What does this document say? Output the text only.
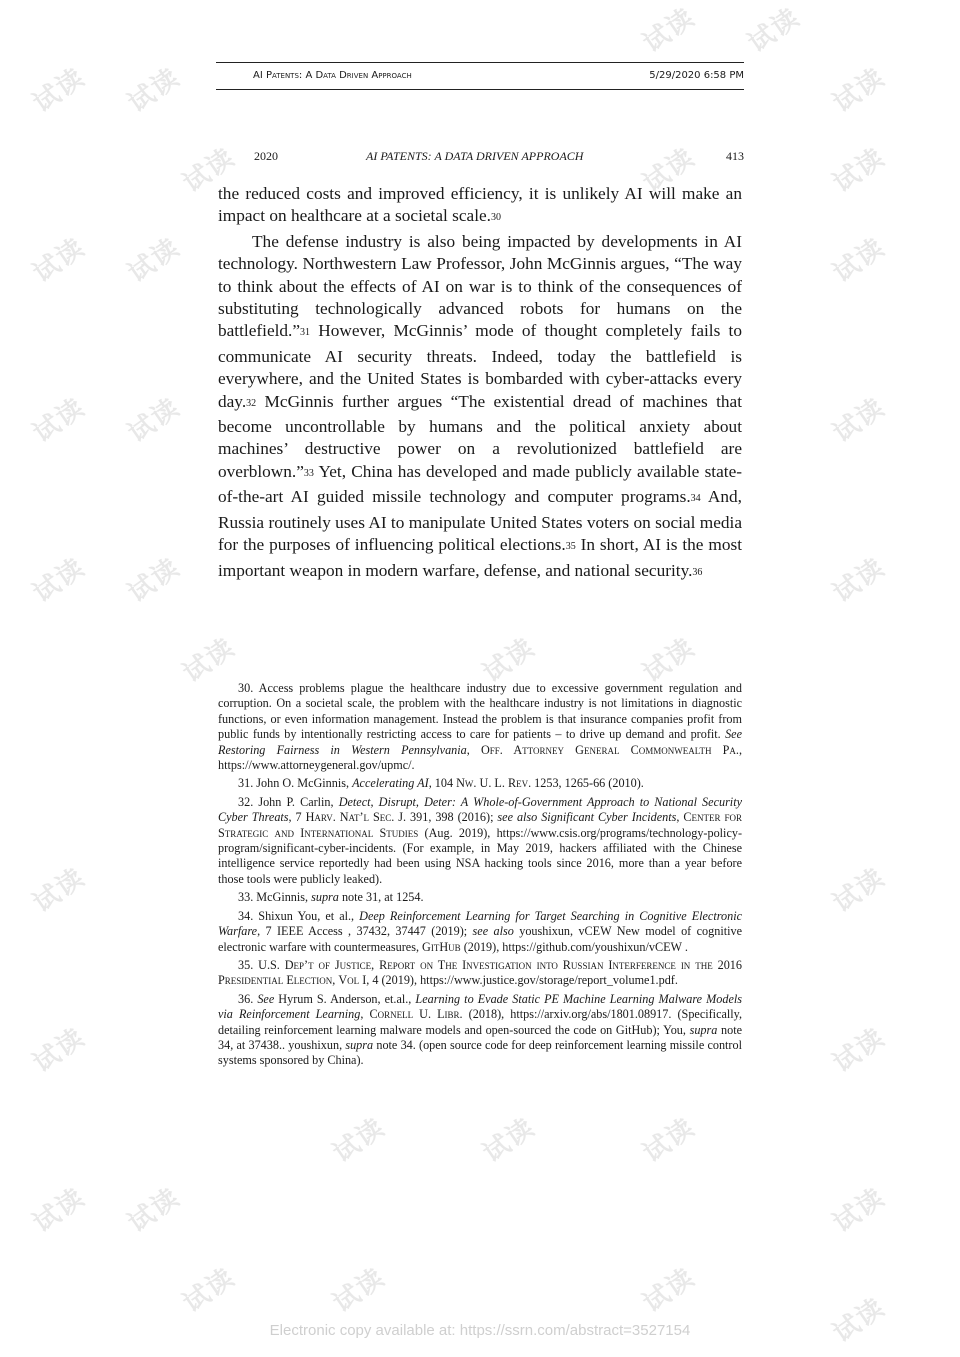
试读 试读
试读 试读
试读
试读 试读
试读	试读	试读
试读
试读 试读	试读
试读 试读	试读
试读	试读	试读
试读	试读
试读	试读
试读 试读
试读	试读	试读
试读
试读	试读	试读
试读
AI Patents: A Data Driven Approach	5/29/2020 6:58 PM
2020	AI PATENTS: A DATA DRIVEN APPROACH	413

the reduced costs and improved efficiency, it is unlikely AI will make an impact on healthcare at a societal scale.$^{30}$

The defense industry is also being impacted by developments in AI technology. Northwestern Law Professor, John McGinnis argues, “The way to think about the effects of AI on war is to think of the consequences of substituting technologically advanced robots for humans on the battlefield.”$^{31}$ However, McGinnis’ mode of thought completely fails to communicate AI security threats. Indeed, today the battlefield is everywhere, and the United States is bombarded with cyber-attacks every day.$^{32}$ McGinnis further argues “The existential dread of machines that become uncontrollable by humans and the political anxiety about machines’ destructive power on a revolutionized battlefield are overblown.”$^{33}$ Yet, China has developed and made publicly available state-of-the-art AI guided missile technology and computer programs.$^{34}$ And, Russia routinely uses AI to manipulate United States voters on social media for the purposes of influencing political elections.$^{35}$ In short, AI is the most important weapon in modern warfare, defense, and national security.$^{36}$

30. Access problems plague the healthcare industry due to excessive government regulation and corruption. On a societal scale, the problem with the healthcare industry is not limitations in diagnostic functions, or even information management. Instead the problem is that insurance companies profit from public funds by intentionally restricting access to care for patients – to drive up demand and profit. See Restoring Fairness in Western Pennsylvania, Off. Attorney General Commonwealth Pa., https://www.attorneygeneral.gov/upmc/.

31. John O. McGinnis, Accelerating AI, 104 Nw. U. L. Rev. 1253, 1265-66 (2010).

32. John P. Carlin, Detect, Disrupt, Deter: A Whole-of-Government Approach to National Security Cyber Threats, 7 Harv. Nat’l Sec. J. 391, 398 (2016); see also Significant Cyber Incidents, Center for Strategic and International Studies (Aug. 2019), https://www.csis.org/programs/technology-policy-program/significant-cyber-incidents. (For example, in May 2019, hackers affiliated with the Chinese intelligence service reportedly had been using NSA hacking tools since 2016, more than a year before those tools were publicly leaked).

33. McGinnis, supra note 31, at 1254.

34. Shixun You, et al., Deep Reinforcement Learning for Target Searching in Cognitive Electronic Warfare, 7 IEEE Access , 37432, 37447 (2019); see also youshixun, vCEW New model of cognitive electronic warfare with countermeasures, GitHub (2019), https://github.com/youshixun/vCEW .

35. U.S. Dep’t of Justice, Report on The Investigation into Russian Interference in the 2016 Presidential Election, Vol I, 4 (2019), https://www.justice.gov/storage/report_volume1.pdf.

36. See Hyrum S. Anderson, et.al., Learning to Evade Static PE Machine Learning Malware Models via Reinforcement Learning, Cornell U. Libr. (2018), https://arxiv.org/abs/1801.08917. (Specifically, detailing reinforcement learning malware models and open-sourced the code on GitHub); You, supra note 34, at 37438.. youshixun, supra note 34. (open source code for deep reinforcement learning missile control systems sponsored by China).

Electronic copy available at: https://ssrn.com/abstract=3527154
